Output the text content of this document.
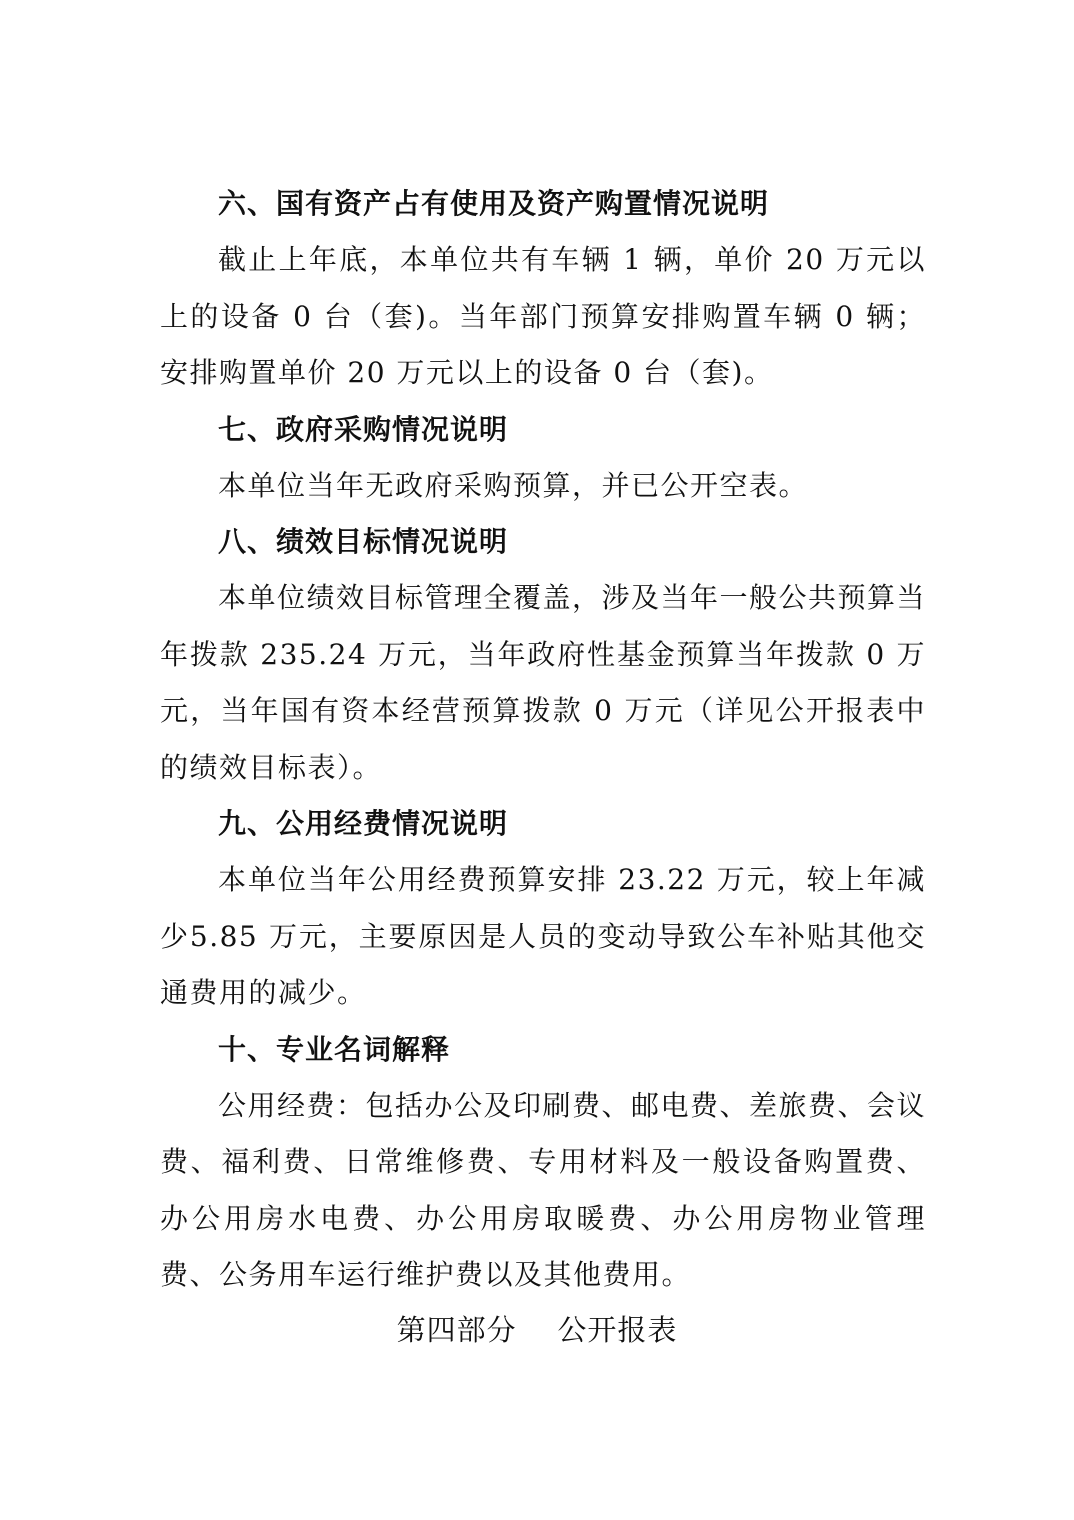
六、国有资产占有使用及资产购置情况说明

截止上年底，本单位共有车辆 1 辆，单价 20 万元以上的设备 0 台（套)。当年部门预算安排购置车辆 0 辆；安排购置单价 20 万元以上的设备 0 台（套)。

七、政府采购情况说明

本单位当年无政府采购预算，并已公开空表。

八、绩效目标情况说明

本单位绩效目标管理全覆盖，涉及当年一般公共预算当年拨款 235.24 万元，当年政府性基金预算当年拨款 0 万元，当年国有资本经营预算拨款 0 万元（详见公开报表中的绩效目标表）。

九、公用经费情况说明

本单位当年公用经费预算安排 23.22 万元，较上年减少5.85 万元，主要原因是人员的变动导致公车补贴其他交通费用的减少。

十、专业名词解释

公用经费：包括办公及印刷费、邮电费、差旅费、会议费、福利费、日常维修费、专用材料及一般设备购置费、办公用房水电费、办公用房取暖费、办公用房物业管理费、公务用车运行维护费以及其他费用。

第四部分    公开报表
